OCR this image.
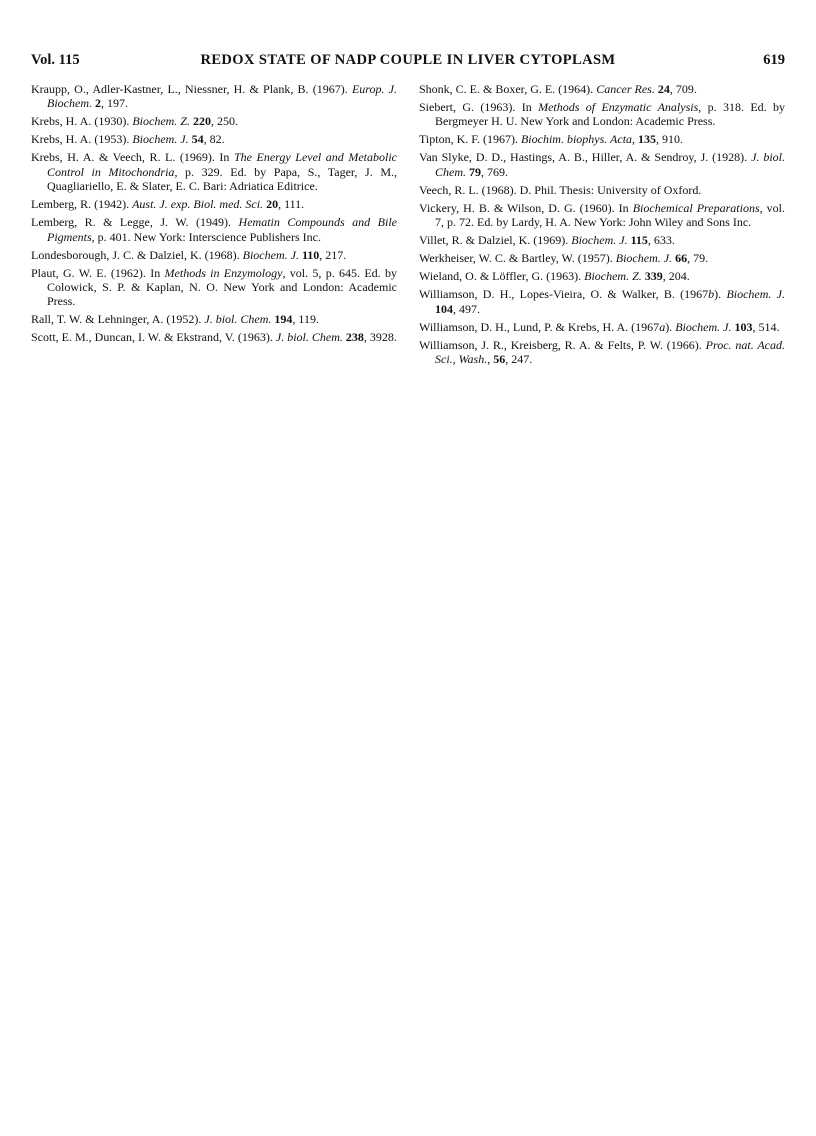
Vol. 115	REDOX STATE OF NADP COUPLE IN LIVER CYTOPLASM	619
Kraupp, O., Adler-Kastner, L., Niessner, H. & Plank, B. (1967). Europ. J. Biochem. 2, 197.
Krebs, H. A. (1930). Biochem. Z. 220, 250.
Krebs, H. A. (1953). Biochem. J. 54, 82.
Krebs, H. A. & Veech, R. L. (1969). In The Energy Level and Metabolic Control in Mitochondria, p. 329. Ed. by Papa, S., Tager, J. M., Quagliariello, E. & Slater, E. C. Bari: Adriatica Editrice.
Lemberg, R. (1942). Aust. J. exp. Biol. med. Sci. 20, 111.
Lemberg, R. & Legge, J. W. (1949). Hematin Compounds and Bile Pigments, p. 401. New York: Interscience Publishers Inc.
Londesborough, J. C. & Dalziel, K. (1968). Biochem. J. 110, 217.
Plaut, G. W. E. (1962). In Methods in Enzymology, vol. 5, p. 645. Ed. by Colowick, S. P. & Kaplan, N. O. New York and London: Academic Press.
Rall, T. W. & Lehninger, A. (1952). J. biol. Chem. 194, 119.
Scott, E. M., Duncan, I. W. & Ekstrand, V. (1963). J. biol. Chem. 238, 3928.
Shonk, C. E. & Boxer, G. E. (1964). Cancer Res. 24, 709.
Siebert, G. (1963). In Methods of Enzymatic Analysis, p. 318. Ed. by Bergmeyer H. U. New York and London: Academic Press.
Tipton, K. F. (1967). Biochim. biophys. Acta, 135, 910.
Van Slyke, D. D., Hastings, A. B., Hiller, A. & Sendroy, J. (1928). J. biol. Chem. 79, 769.
Veech, R. L. (1968). D. Phil. Thesis: University of Oxford.
Vickery, H. B. & Wilson, D. G. (1960). In Biochemical Preparations, vol. 7, p. 72. Ed. by Lardy, H. A. New York: John Wiley and Sons Inc.
Villet, R. & Dalziel, K. (1969). Biochem. J. 115, 633.
Werkheiser, W. C. & Bartley, W. (1957). Biochem. J. 66, 79.
Wieland, O. & Löffler, G. (1963). Biochem. Z. 339, 204.
Williamson, D. H., Lopes-Vieira, O. & Walker, B. (1967b). Biochem. J. 104, 497.
Williamson, D. H., Lund, P. & Krebs, H. A. (1967a). Biochem. J. 103, 514.
Williamson, J. R., Kreisberg, R. A. & Felts, P. W. (1966). Proc. nat. Acad. Sci., Wash., 56, 247.
